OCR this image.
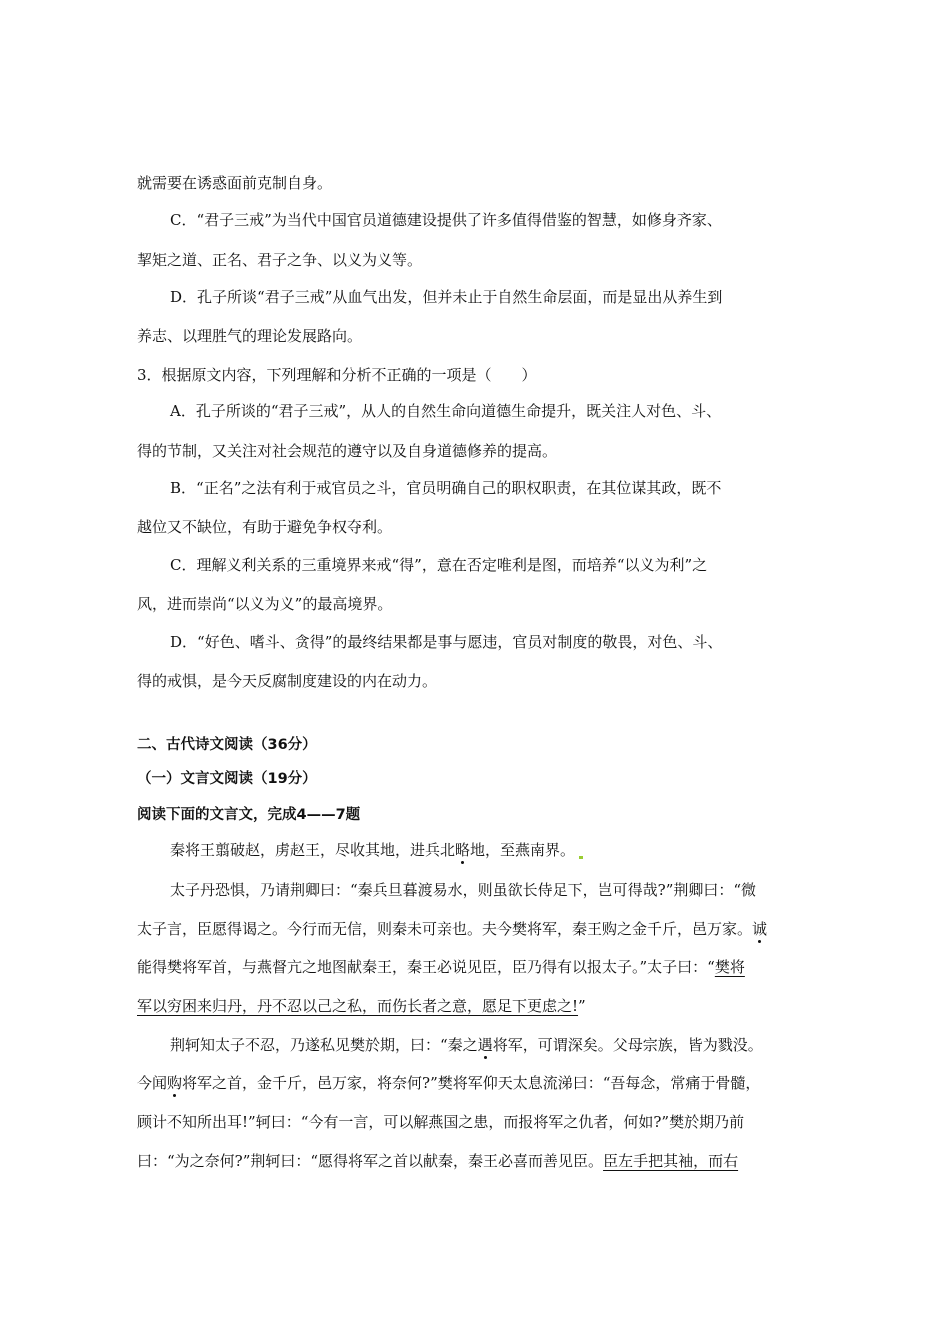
就需要在诱惑面前克制自身。
C．“君子三戒”为当代中国官员道德建设提供了许多值得借鉴的智慧，如修身齐家、
挈矩之道、正名、君子之争、以义为义等。
D．孔子所谈“君子三戒”从血气出发，但并未止于自然生命层面，而是显出从养生到
养志、以理胜气的理论发展路向。
3．根据原文内容，下列理解和分析不正确的一项是（　　）
A．孔子所谈的“君子三戒”，从人的自然生命向道德生命提升，既关注人对色、斗、
得的节制，又关注对社会规范的遵守以及自身道德修养的提高。
B．“正名”之法有利于戒官员之斗，官员明确自己的职权职责，在其位谋其政，既不
越位又不缺位，有助于避免争权夺利。
C．理解义利关系的三重境界来戒“得”，意在否定唯利是图，而培养“以义为利”之
风，进而崇尚“以义为义”的最高境界。
D．“好色、嗜斗、贪得”的最终结果都是事与愿违，官员对制度的敬畏，对色、斗、
得的戒惧，是今天反腐制度建设的内在动力。
二、古代诗文阅读（36分）
（一）文言文阅读（19分）
阅读下面的文言文，完成4——7题
秦将王翦破赵，虏赵王，尽收其地，进兵北略地，至燕南界。
太子丹恐惧，乃请荆卿曰：“秦兵旦暮渡易水，则虽欲长侍足下，岂可得哉?”荆卿曰：“微
太子言，臣愿得谒之。今行而无信，则秦未可亲也。夫今樊将军，秦王购之金千斤，邑万家。诚
能得樊将军首，与燕督亢之地图献秦王，秦王必说见臣，臣乃得有以报太子。”太子曰：“樊将
军以穷困来归丹，丹不忍以己之私，而伤长者之意，愿足下更虑之!”
荆轲知太子不忍，乃遂私见樊於期，曰：“秦之遇将军，可谓深矣。父母宗族，皆为戮没。
今闻购将军之首，金千斤，邑万家，将奈何?”樊将军仰天太息流涕曰：“吾每念，常痛于骨髓，
顾计不知所出耳!”轲曰：“今有一言，可以解燕国之患，而报将军之仇者，何如?”樊於期乃前
曰：“为之奈何?”荆轲曰：“愿得将军之首以献秦，秦王必喜而善见臣。臣左手把其袖，而右
